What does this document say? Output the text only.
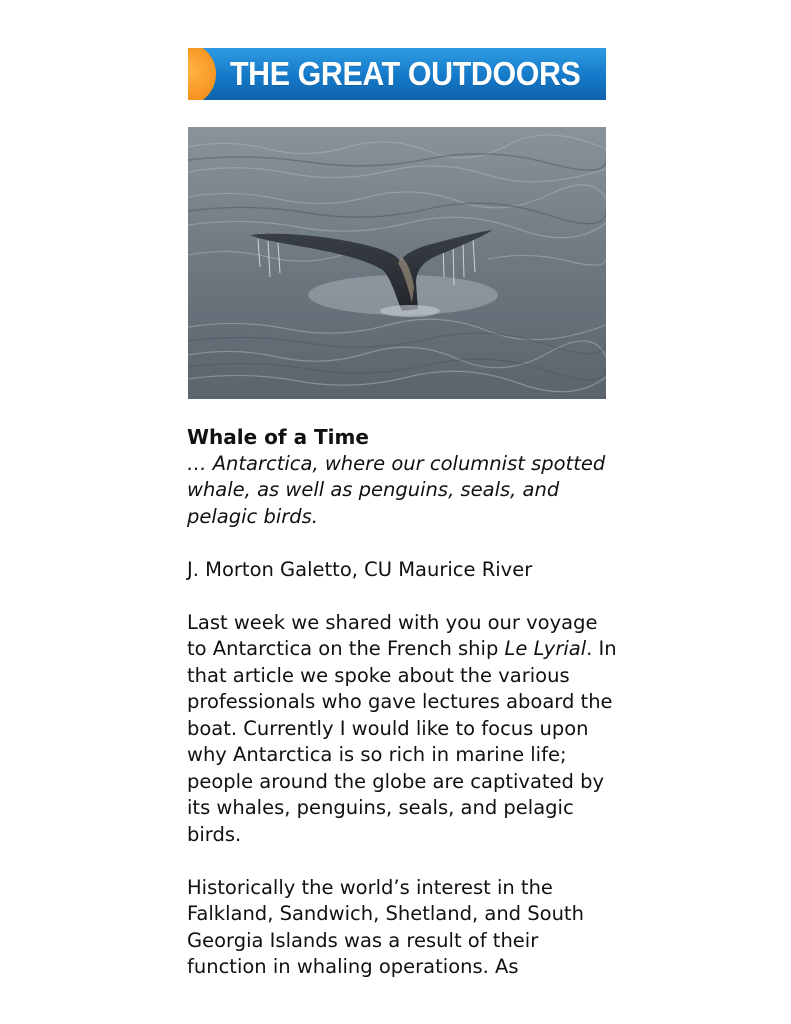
THE GREAT OUTDOORS

Whale of a Time

… Antarctica, where our columnist spotted whale, as well as penguins, seals, and pelagic birds.

J. Morton Galetto, CU Maurice River

Last week we shared with you our voyage to Antarctica on the French ship Le Lyrial. In that article we spoke about the various professionals who gave lectures aboard the boat. Currently I would like to focus upon why Antarctica is so rich in marine life; people around the globe are captivated by its whales, penguins, seals, and pelagic birds.

Historically the world’s interest in the Falkland, Sandwich, Shetland, and South Georgia Islands was a result of their function in whaling operations. As
